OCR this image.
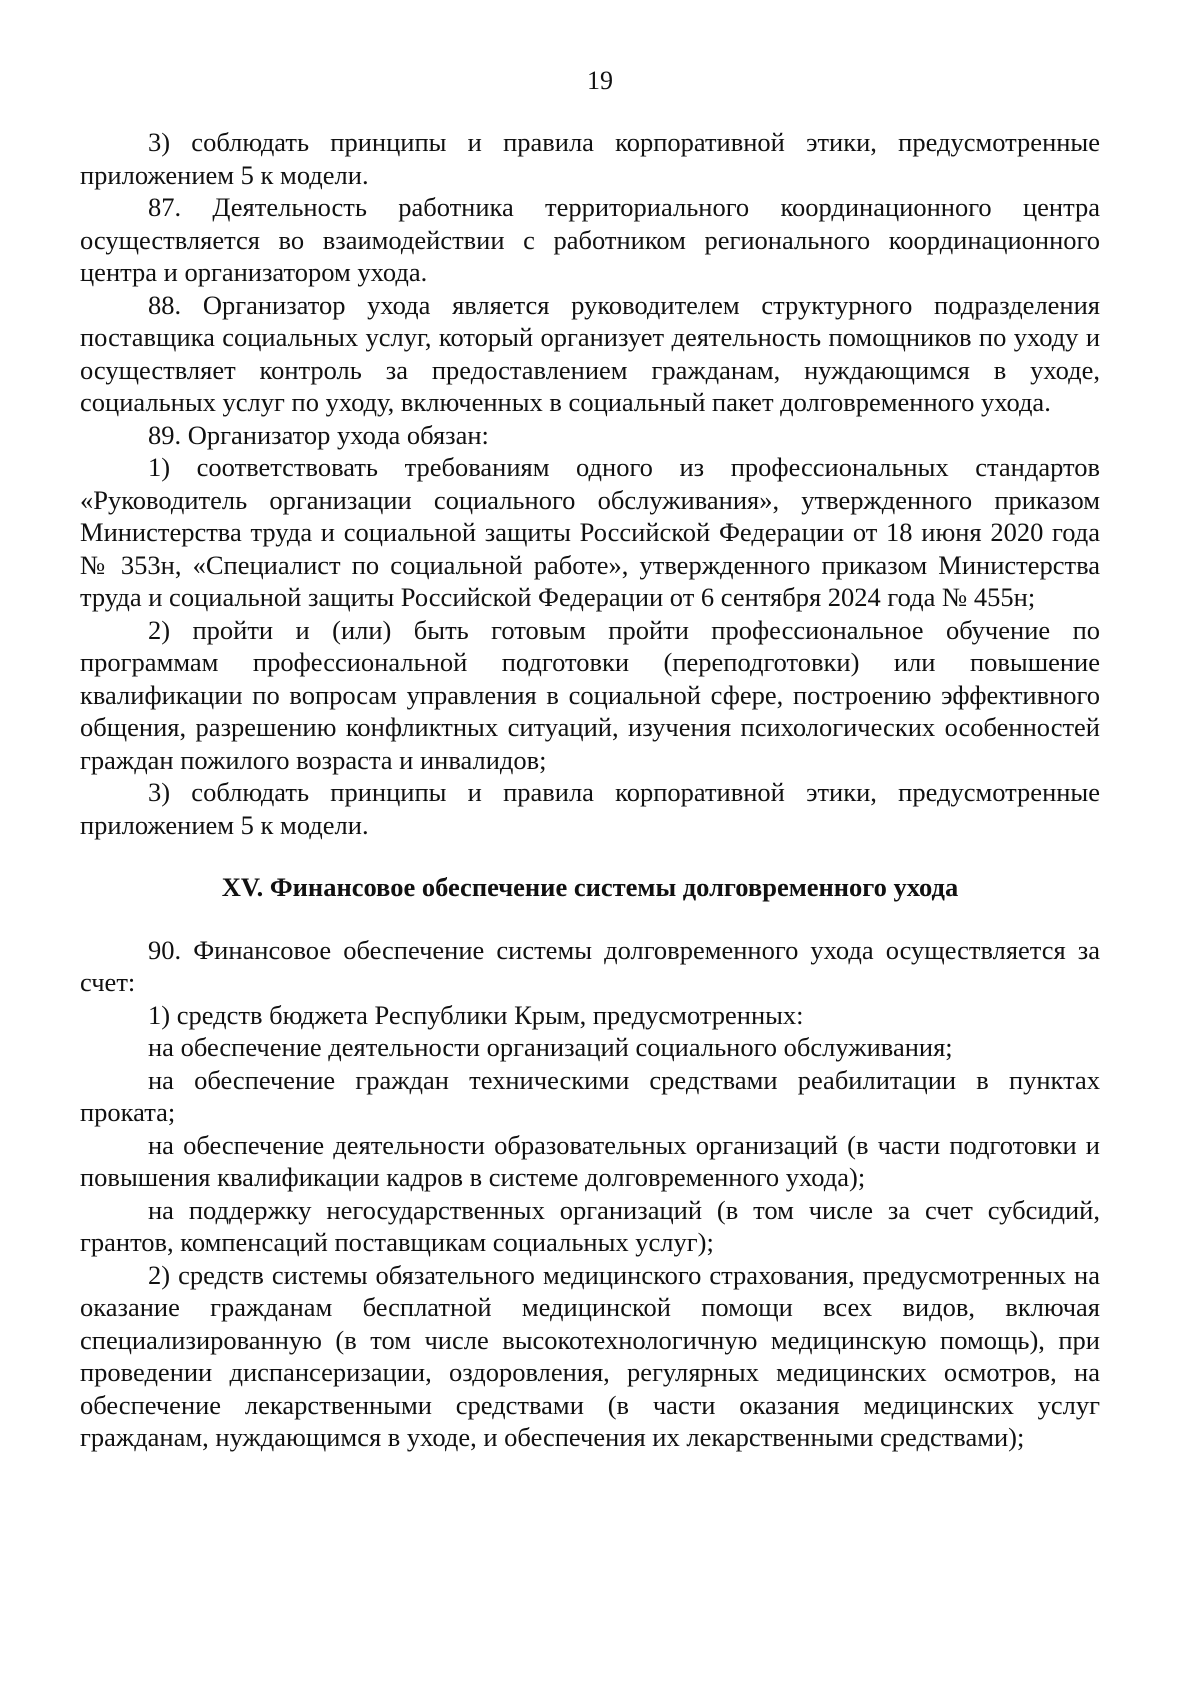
19

3) соблюдать принципы и правила корпоративной этики, предусмотренные приложением 5 к модели.

87. Деятельность работника территориального координационного центра осуществляется во взаимодействии с работником регионального координационного центра и организатором ухода.

88. Организатор ухода является руководителем структурного подразделения поставщика социальных услуг, который организует деятельность помощников по уходу и осуществляет контроль за предоставлением гражданам, нуждающимся в уходе, социальных услуг по уходу, включенных в социальный пакет долговременного ухода.

89. Организатор ухода обязан:

1) соответствовать требованиям одного из профессиональных стандартов «Руководитель организации социального обслуживания», утвержденного приказом Министерства труда и социальной защиты Российской Федерации от 18 июня 2020 года № 353н, «Специалист по социальной работе», утвержденного приказом Министерства труда и социальной защиты Российской Федерации от 6 сентября 2024 года № 455н;

2) пройти и (или) быть готовым пройти профессиональное обучение по программам профессиональной подготовки (переподготовки) или повышение квалификации по вопросам управления в социальной сфере, построению эффективного общения, разрешению конфликтных ситуаций, изучения психологических особенностей граждан пожилого возраста и инвалидов;

3) соблюдать принципы и правила корпоративной этики, предусмотренные приложением 5 к модели.

XV. Финансовое обеспечение системы долговременного ухода

90. Финансовое обеспечение системы долговременного ухода осуществляется за счет:

1) средств бюджета Республики Крым, предусмотренных:

на обеспечение деятельности организаций социального обслуживания;

на обеспечение граждан техническими средствами реабилитации в пунктах проката;

на обеспечение деятельности образовательных организаций (в части подготовки и повышения квалификации кадров в системе долговременного ухода);

на поддержку негосударственных организаций (в том числе за счет субсидий, грантов, компенсаций поставщикам социальных услуг);

2) средств системы обязательного медицинского страхования, предусмотренных на оказание гражданам бесплатной медицинской помощи всех видов, включая специализированную (в том числе высокотехнологичную медицинскую помощь), при проведении диспансеризации, оздоровления, регулярных медицинских осмотров, на обеспечение лекарственными средствами (в части оказания медицинских услуг гражданам, нуждающимся в уходе, и обеспечения их лекарственными средствами);
